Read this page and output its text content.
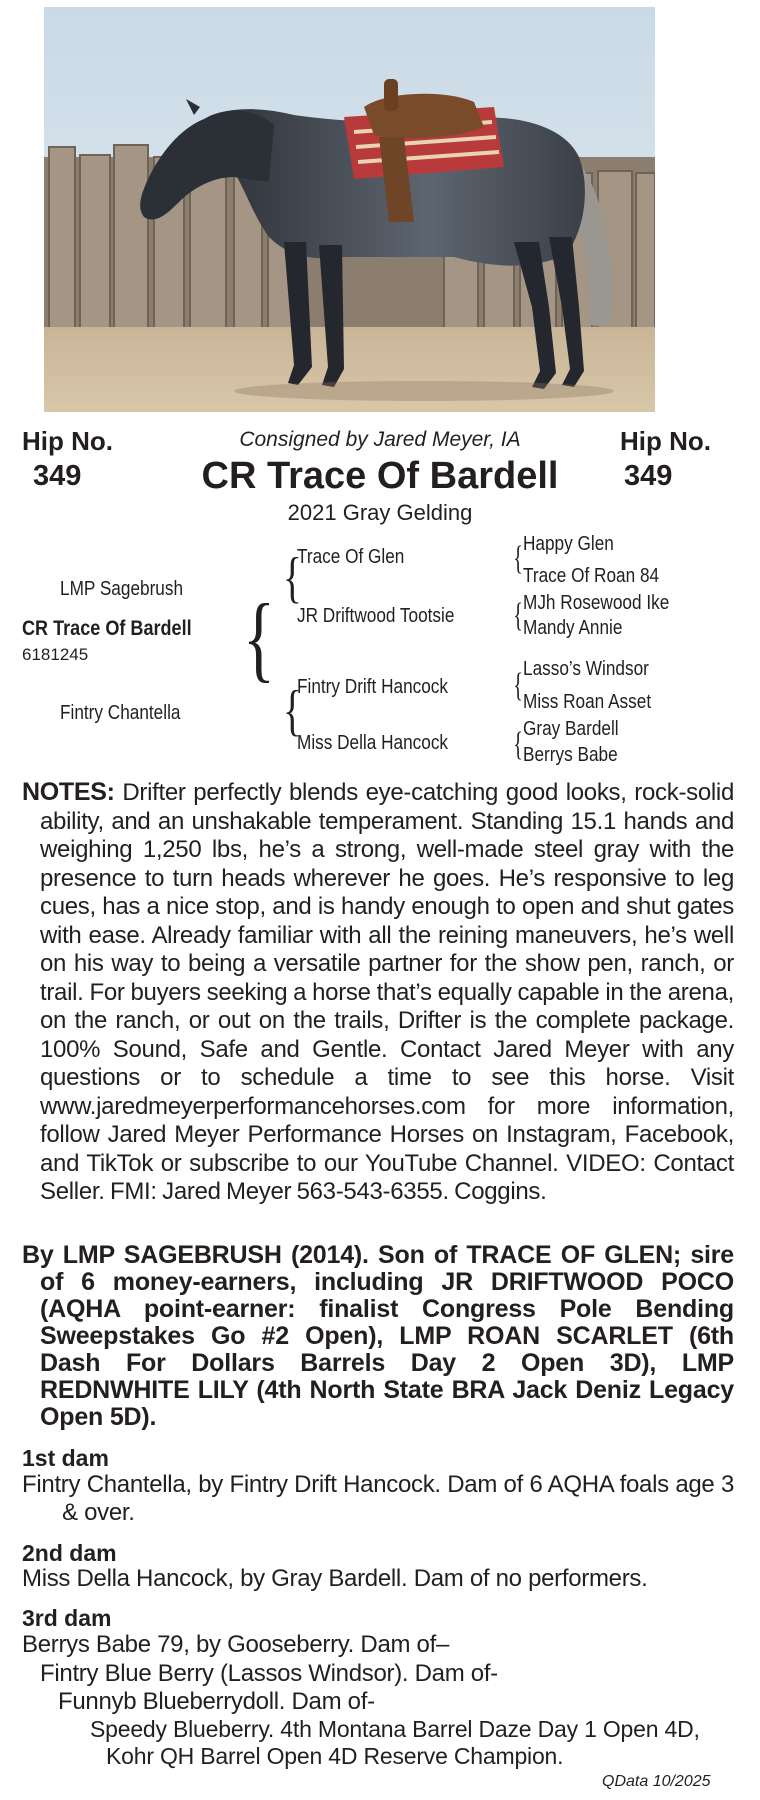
Hip No.
349
Hip No.
349
Consigned by Jared Meyer, IA
CR Trace Of Bardell
2021 Gray Gelding
LMP Sagebrush
CR Trace Of Bardell
6181245
Fintry Chantella
{
{
{
Trace Of Glen
JR Driftwood Tootsie
Fintry Drift Hancock
Miss Della Hancock
{
{
{
{
Happy Glen
Trace Of Roan 84
MJh Rosewood Ike
Mandy Annie
Lasso’s Windsor
Miss Roan Asset
Gray Bardell
Berrys Babe
NOTES: Drifter perfectly blends eye-catching good looks, rock-solid ability, and an unshakable temperament. Standing 15.1 hands and weighing 1,250 lbs, he’s a strong, well-made steel gray with the presence to turn heads wherever he goes. He’s responsive to leg cues, has a nice stop, and is handy enough to open and shut gates with ease. Already familiar with all the reining maneuvers, he’s well on his way to being a versatile partner for the show pen, ranch, or trail. For buyers seeking a horse that’s equally capable in the arena, on the ranch, or out on the trails, Drifter is the complete package. 100% Sound, Safe and Gentle. Contact Jared Meyer with any questions or to schedule a time to see this horse. Visit www.jaredmeyerperformancehorses.com for more information, follow Jared Meyer Performance Horses on Instagram, Facebook, and TikTok or subscribe to our YouTube Channel. VIDEO: Contact Seller. FMI: Jared Meyer 563-543-6355. Coggins.
By LMP SAGEBRUSH (2014). Son of TRACE OF GLEN; sire of 6 money-earners, including JR DRIFTWOOD POCO (AQHA point-earner: finalist Congress Pole Bending Sweepstakes Go #2 Open), LMP ROAN SCARLET (6th Dash For Dollars Barrels Day 2 Open 3D), LMP REDNWHITE LILY (4th North State BRA Jack Deniz Legacy Open 5D).
1st dam
Fintry Chantella, by Fintry Drift Hancock. Dam of 6 AQHA foals age 3 & over.
2nd dam
Miss Della Hancock, by Gray Bardell. Dam of no performers.
3rd dam
Berrys Babe 79, by Gooseberry. Dam of–
Fintry Blue Berry (Lassos Windsor). Dam of-
Funnyb Blueberrydoll. Dam of-
Speedy Blueberry. 4th Montana Barrel Daze Day 1 Open 4D, Kohr QH Barrel Open 4D Reserve Champion.
QData 10/2025
